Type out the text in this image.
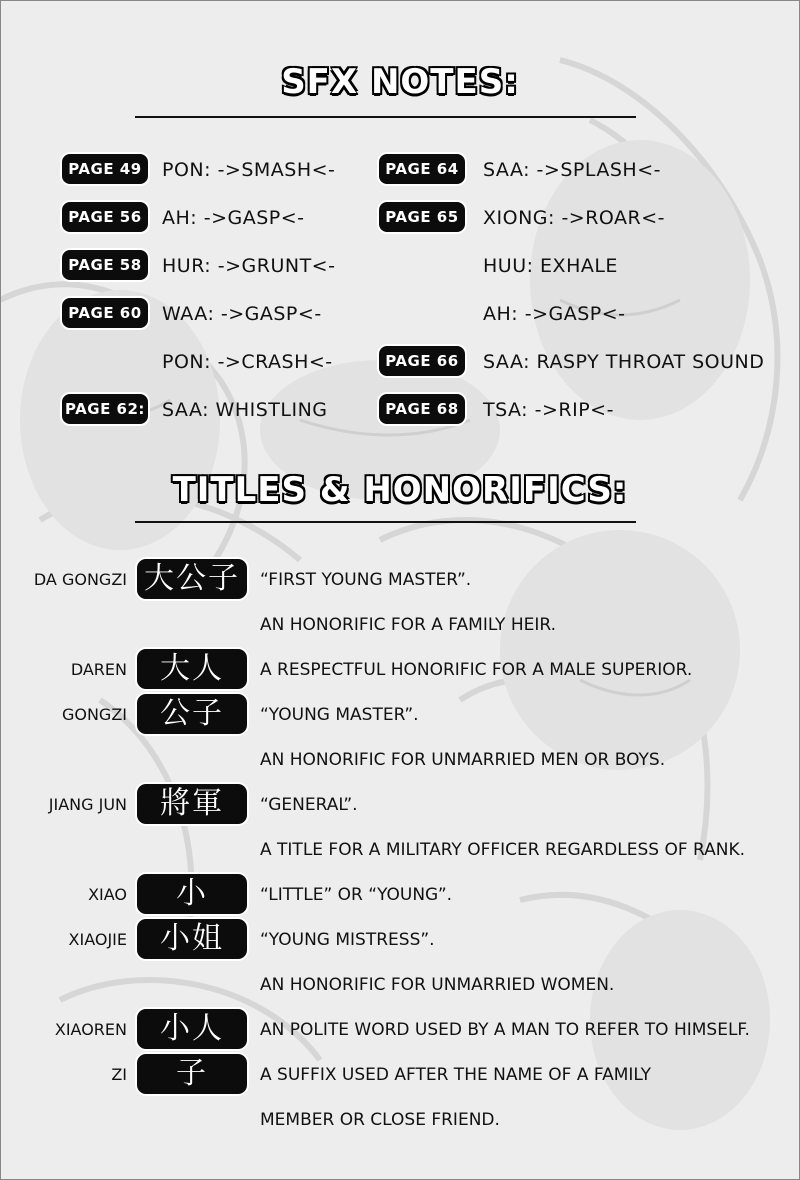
SFX NOTES:
PAGE 49	PON: ->SMASH<-
PAGE 56	AH: ->GASP<-
PAGE 58	HUR: ->GRUNT<-
PAGE 60	WAA: ->GASP<-
PON: ->CRASH<-
PAGE 62: SAA: WHISTLING
PAGE 64	SAA: ->SPLASH<-
PAGE 65	XIONG: ->ROAR<-
HUU: EXHALE
AH: ->GASP<-
PAGE 66	SAA: RASPY THROAT SOUND
PAGE 68	TSA: ->RIP<-
TITLES & HONORIFICS:
DA GONGZI 大公子	“FIRST YOUNG MASTER”.
AN HONORIFIC FOR A FAMILY HEIR.
DAREN	大人	A RESPECTFUL HONORIFIC FOR A MALE SUPERIOR.
GONGZI	公子	“YOUNG MASTER”.
AN HONORIFIC FOR UNMARRIED MEN OR BOYS.
JIANG JUN	將軍	“GENERAL”.
A TITLE FOR A MILITARY OFFICER REGARDLESS OF RANK.
XIAO	小	“LITTLE” OR “YOUNG”.
XIAOJIE	小姐	“YOUNG MISTRESS”.
AN HONORIFIC FOR UNMARRIED WOMEN.
XIAOREN	小人	AN POLITE WORD USED BY A MAN TO REFER TO HIMSELF.
ZI	子	A SUFFIX USED AFTER THE NAME OF A FAMILY
MEMBER OR CLOSE FRIEND.
